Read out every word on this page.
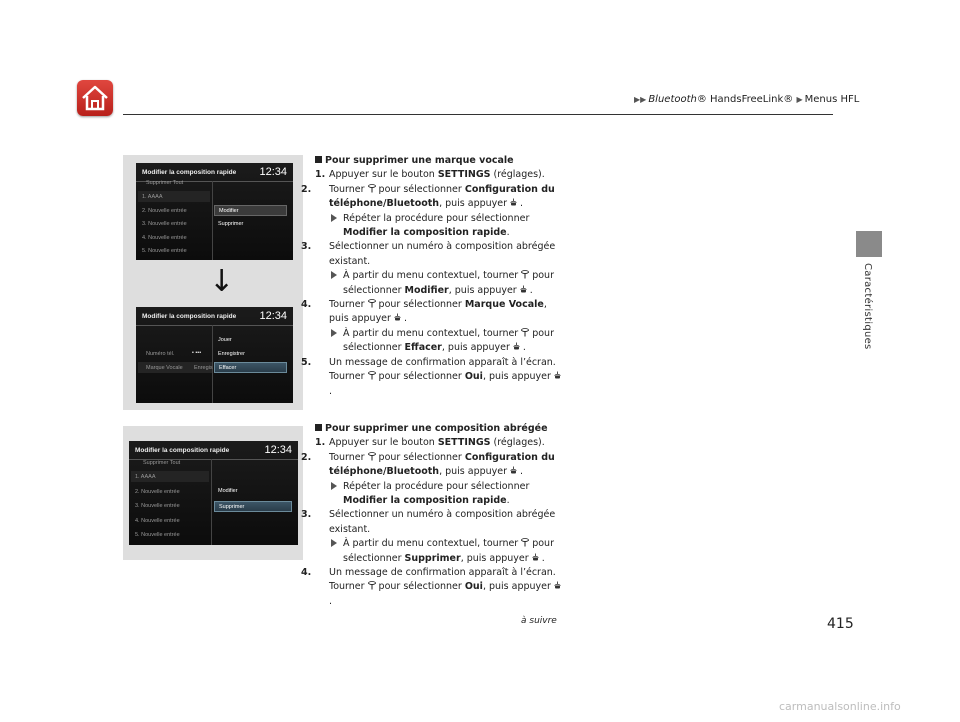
▶▶ Bluetooth® HandsFreeLink® ▶ Menus HFL
Caractéristiques
Modifier la composition rapide 12:34
Supprimer Tout
1. AAAA
2. Nouvelle entrée
3. Nouvelle entrée
4. Nouvelle entrée
5. Nouvelle entrée
Modifier
Supprimer
↓
Modifier la composition rapide 12:34
Numéro tél.	▪ ▪▪▪
Marque Vocale Enregis
Jouer
Enregistrer
Effacer
Modifier la composition rapide	12:34
Supprimer Tout
1. AAAA
2. Nouvelle entrée
3. Nouvelle entrée
4. Nouvelle entrée
5. Nouvelle entrée
Modifier
Supprimer

Pour supprimer une marque vocale

1. Appuyer sur le bouton SETTINGS (réglages).

2. Tourner pour sélectionner Configuration du téléphone/Bluetooth, puis appuyer .

Répéter la procédure pour sélectionner Modifier la composition rapide.

3. Sélectionner un numéro à composition abrégée existant.

À partir du menu contextuel, tourner pour sélectionner Modifier, puis appuyer .

4. Tourner pour sélectionner Marque Vocale, puis appuyer .

À partir du menu contextuel, tourner pour sélectionner Effacer, puis appuyer .

5. Un message de confirmation apparaît à l’écran.
Tourner pour sélectionner Oui, puis appuyer.

Pour supprimer une composition abrégée

1. Appuyer sur le bouton SETTINGS (réglages).

2. Tourner pour sélectionner Configuration du téléphone/Bluetooth, puis appuyer .

Répéter la procédure pour sélectionner Modifier la composition rapide.

3. Sélectionner un numéro à composition abrégée existant.

À partir du menu contextuel, tourner pour sélectionner Supprimer, puis appuyer .

4. Un message de confirmation apparaît à l’écran.
Tourner pour sélectionner Oui, puis appuyer.

à suivre	415
carmanualsonline.info
